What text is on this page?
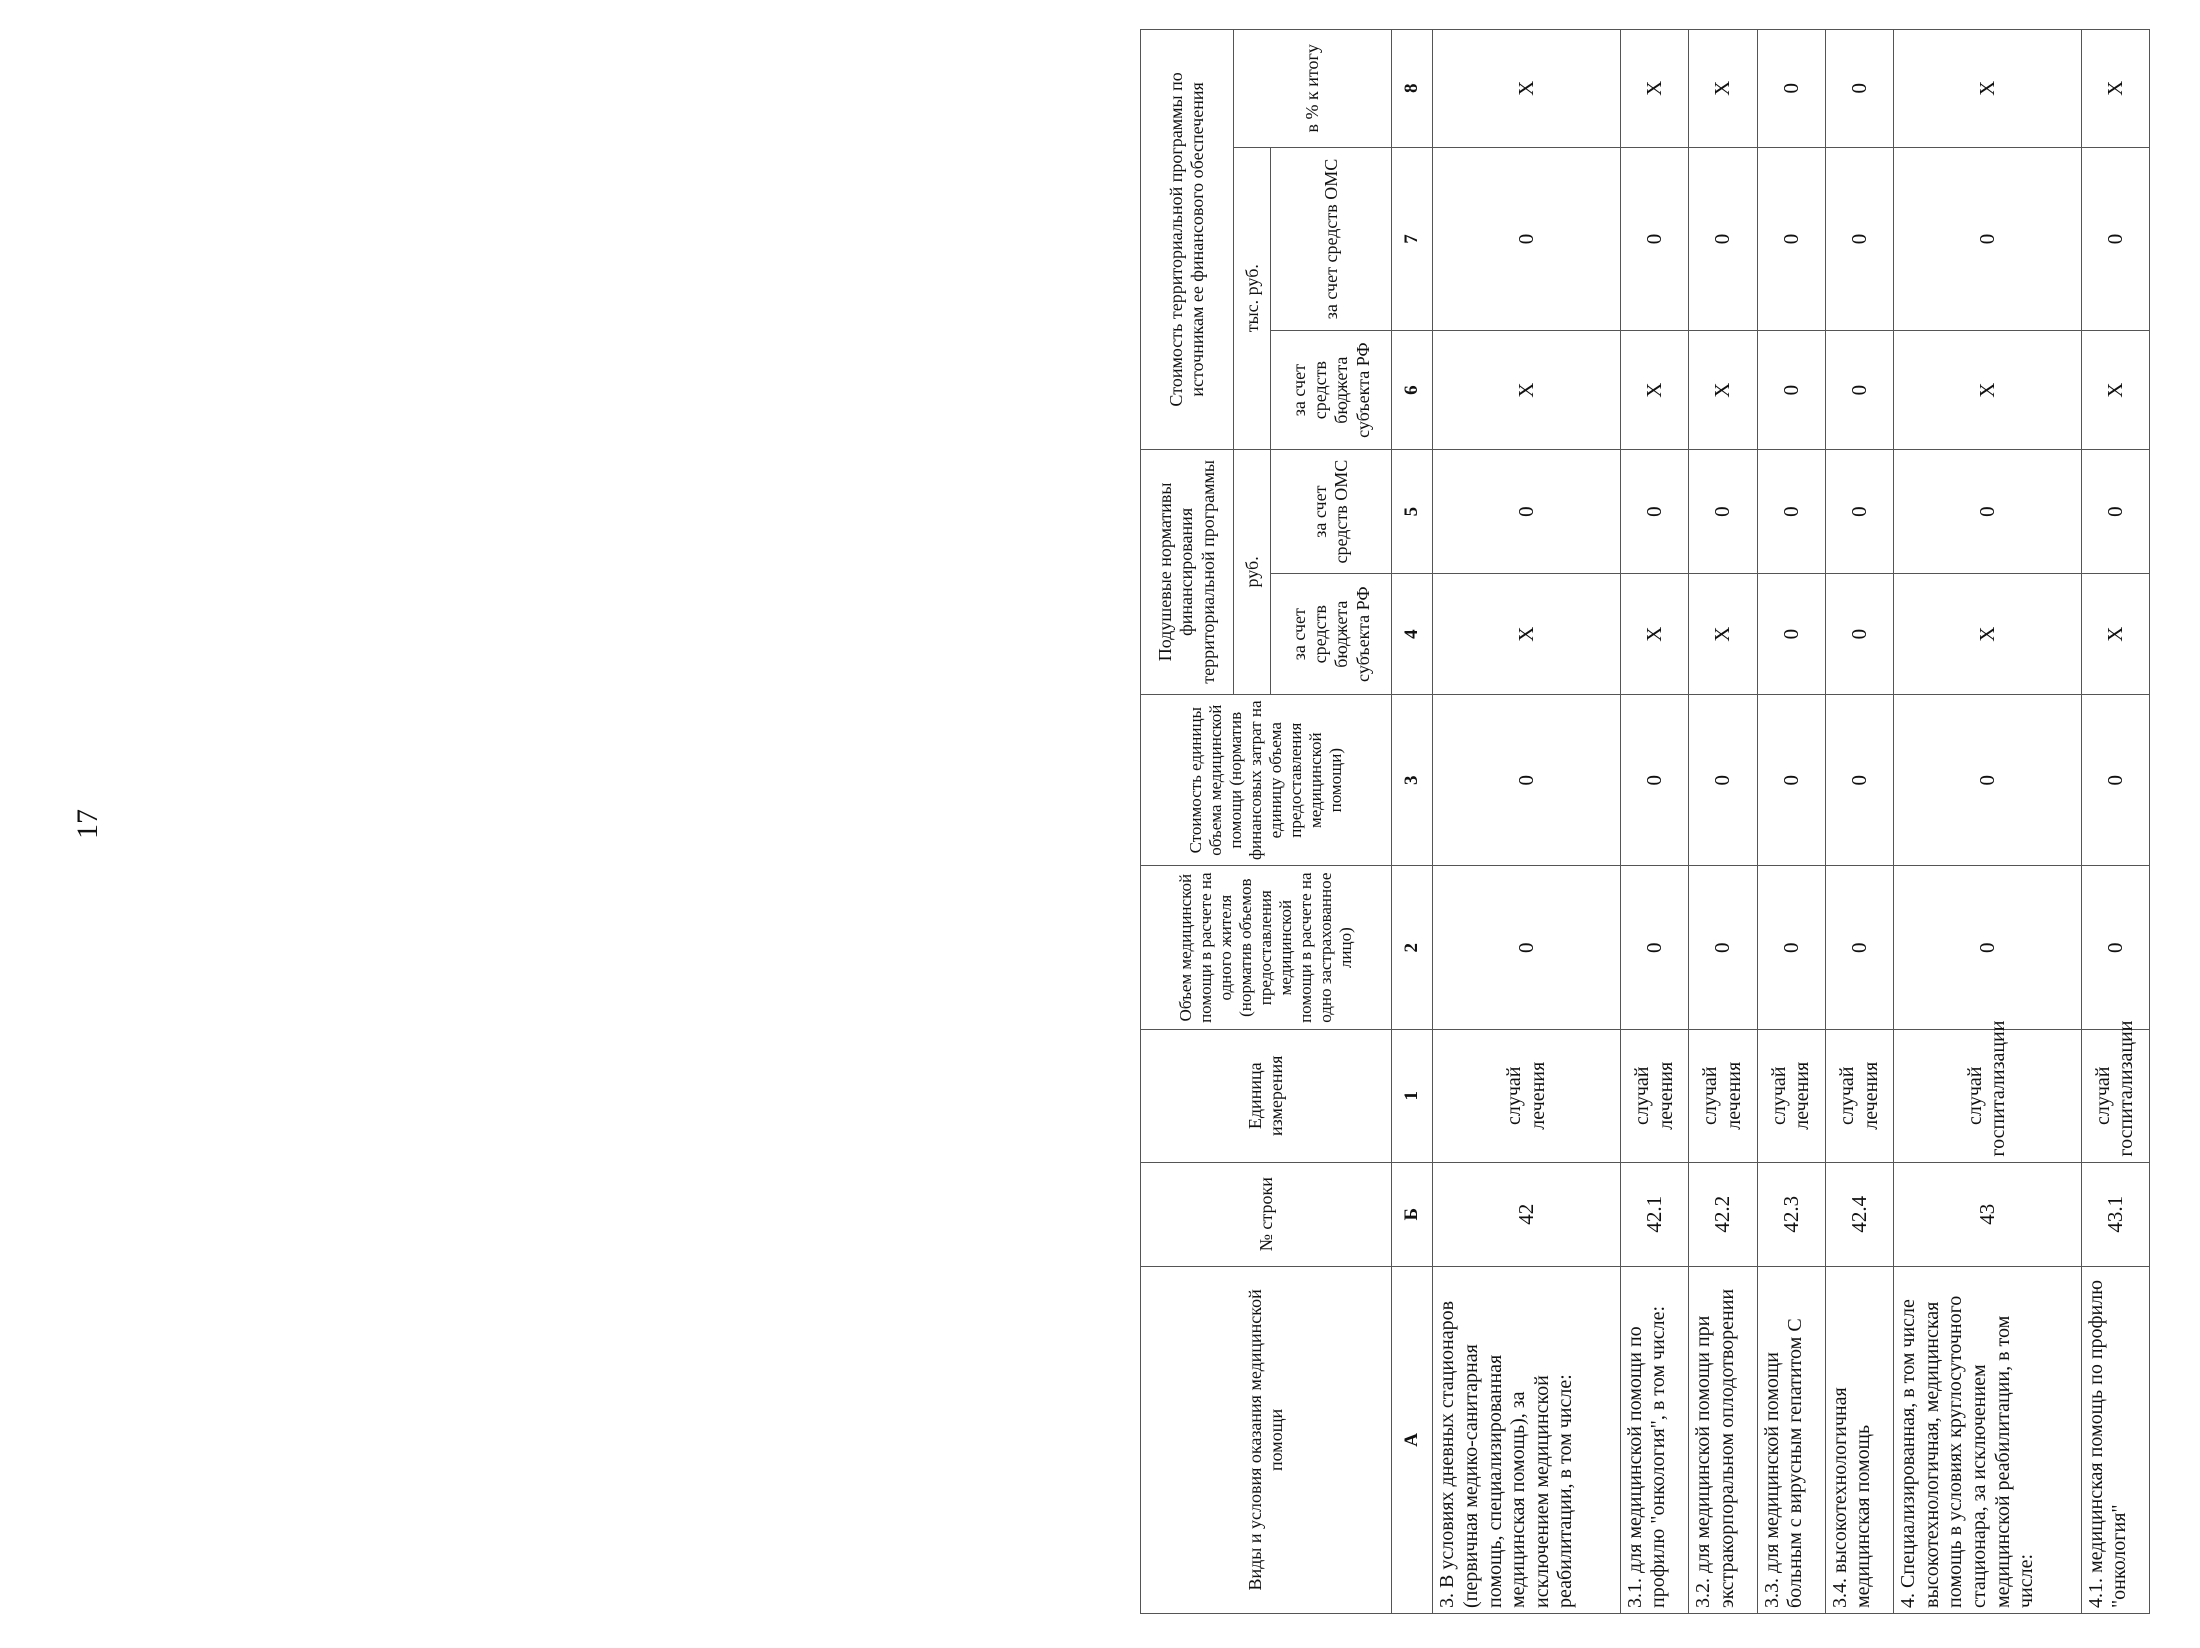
17
Виды и условия оказания медицинской помощи	№ строки	Единица измерения	Объем медицинской помощи в расчете на одного жителя (норматив объемов предоставления медицинской помощи в расчете на одно застрахованное лицо)	Стоимость единицы объема медицинской помощи (норматив финансовых затрат на единицу объема предоставления медицинской помощи)	Подушевые нормативы финансирования территориальной программы		Стоимость территориальной программы по источникам ее финансового обеспечения		
					руб.		тыс. руб.		в % к итогу
					за счет средств бюджета субъекта РФ	за счет средств ОМС	за счет средств бюджета субъекта РФ	за счет средств ОМС	
А	Б	1	2	3	4	5	6	7	8
3. В условиях дневных стационаров (первичная медико-санитарная помощь, специализированная медицинская помощь), за исключением медицинской реабилитации, в том числе:	42	случай лечения	0	0	X	0	X	0	X
3.1. для медицинской помощи по профилю "онкология", в том числе:	42.1	случай лечения	0	0	X	0	X	0	X
3.2. для медицинской помощи при экстракорпоральном оплодотворении	42.2	случай лечения	0	0	X	0	X	0	X
3.3. для медицинской помощи больным с вирусным гепатитом С	42.3	случай лечения	0	0	0	0	0	0	0
3.4. высокотехнологичная медицинская помощь	42.4	случай лечения	0	0	0	0	0	0	0
4. Специализированная, в том числе высокотехнологичная, медицинская помощь в условиях круглосуточного стационара, за исключением медицинской реабилитации, в том числе:	43	случай госпитализации	0	0	X	0	X	0	X
4.1. медицинская помощь по профилю "онкология"	43.1	случай госпитализации	0	0	X	0	X	0	X
